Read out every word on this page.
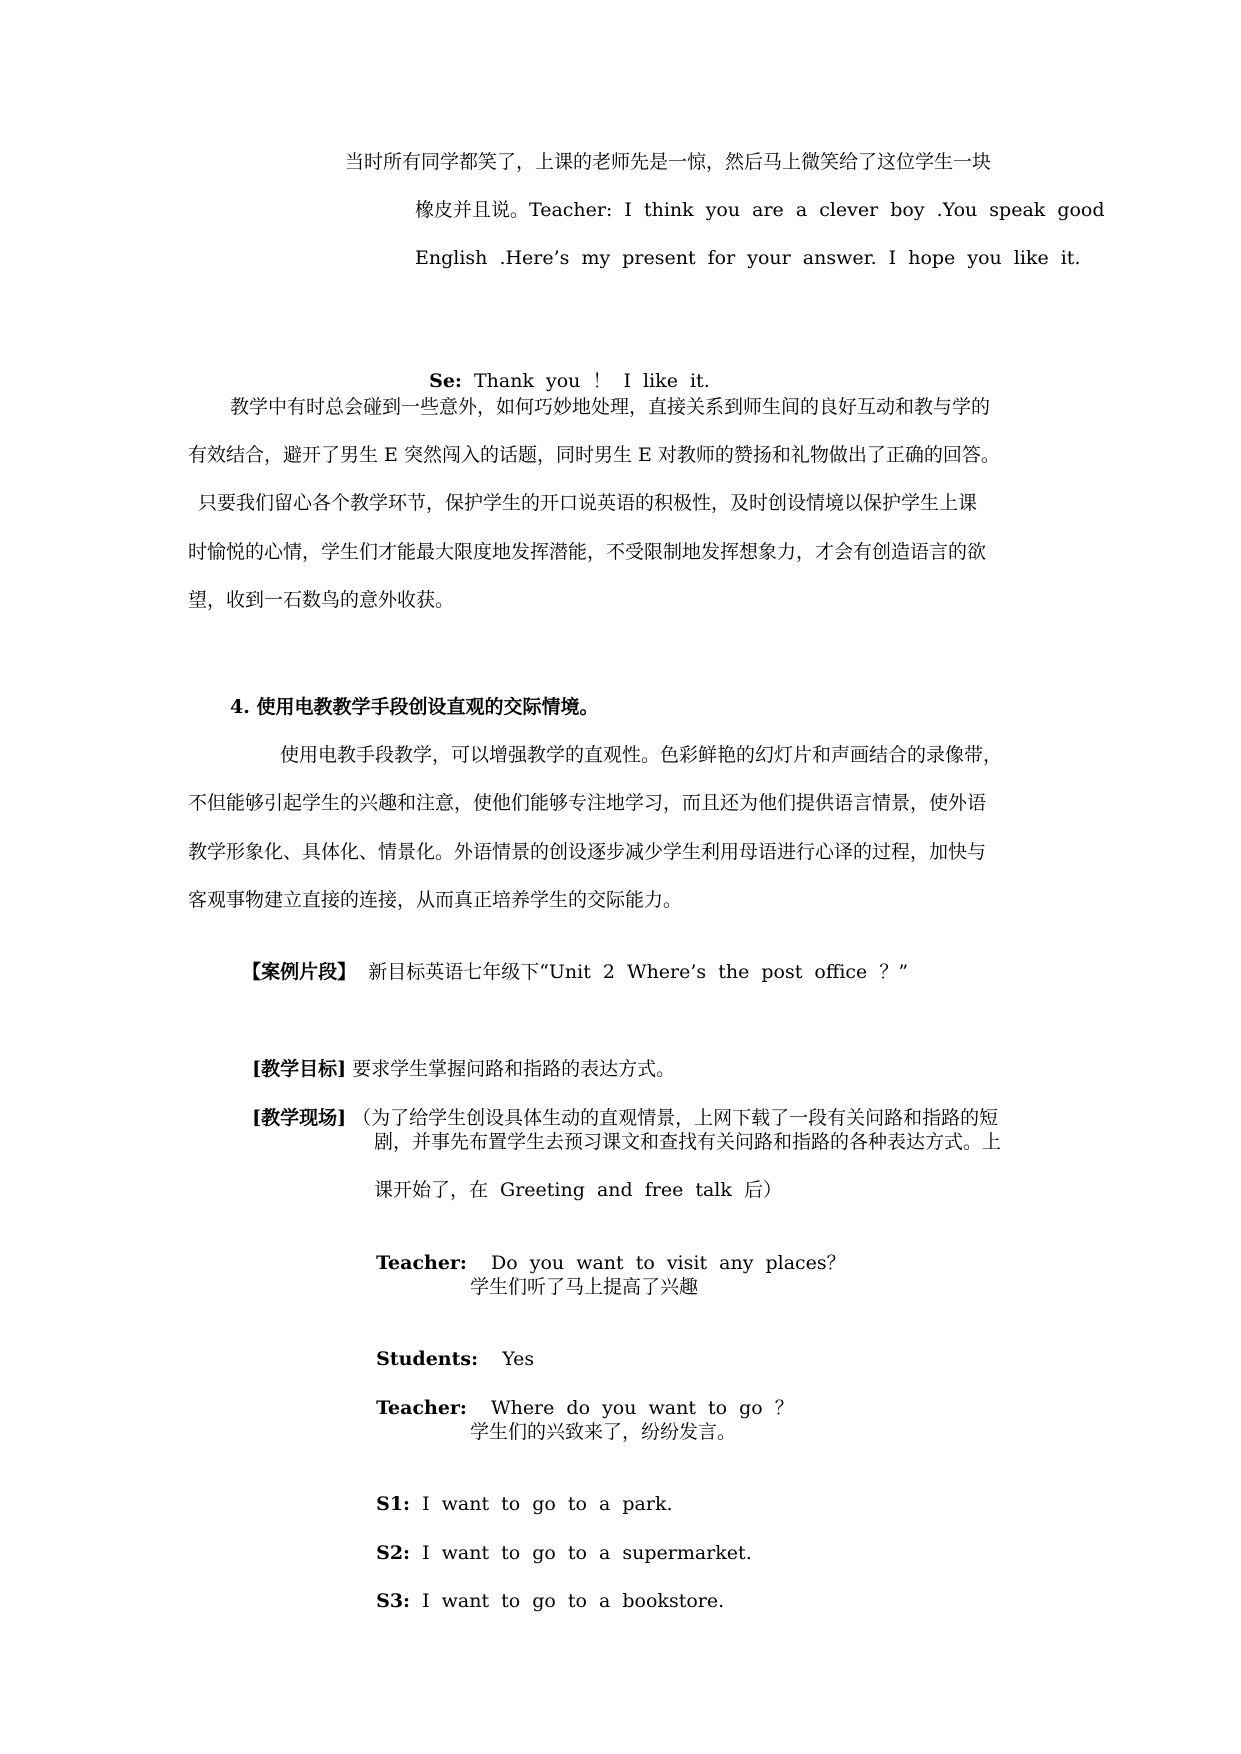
当时所有同学都笑了，上课的老师先是一惊，然后马上微笑给了这位学生一块
橡皮并且说。Teacher: I think you are a clever boy .You speak good
English .Here’s my present for your answer. I hope you like it.

Se: Thank you ！ I like it.

教学中有时总会碰到一些意外，如何巧妙地处理，直接关系到师生间的良好互动和教与学的
有效结合，避开了男生 E 突然闯入的话题，同时男生 E 对教师的赞扬和礼物做出了正确的回答。
只要我们留心各个教学环节，保护学生的开口说英语的积极性，及时创设情境以保护学生上课
时愉悦的心情，学生们才能最大限度地发挥潜能，不受限制地发挥想象力，才会有创造语言的欲
望，收到一石数鸟的意外收获。
4. 使用电教教学手段创设直观的交际情境。
使用电教手段教学，可以增强教学的直观性。色彩鲜艳的幻灯片和声画结合的录像带，
不但能够引起学生的兴趣和注意，使他们能够专注地学习，而且还为他们提供语言情景，使外语
教学形象化、具体化、情景化。外语情景的创设逐步减少学生利用母语进行心译的过程，加快与
客观事物建立直接的连接，从而真正培养学生的交际能力。

【案例片段】 新目标英语七年级下“Unit 2 Where’s the post office ？”

[教学目标] 要求学生掌握问路和指路的表达方式。

[教学现场] （为了给学生创设具体生动的直观情景，上网下载了一段有关问路和指路的短

剧，并事先布置学生去预习课文和查找有关问路和指路的各种表达方式。上
课开始了，在 Greeting and free talk 后）

Teacher: Do you want to visit any places？

学生们听了马上提高了兴趣

Students: Yes

Teacher: Where do you want to go ？

学生们的兴致来了，纷纷发言。

S1: I want to go to a park.

S2: I want to go to a supermarket.

S3: I want to go to a bookstore.
